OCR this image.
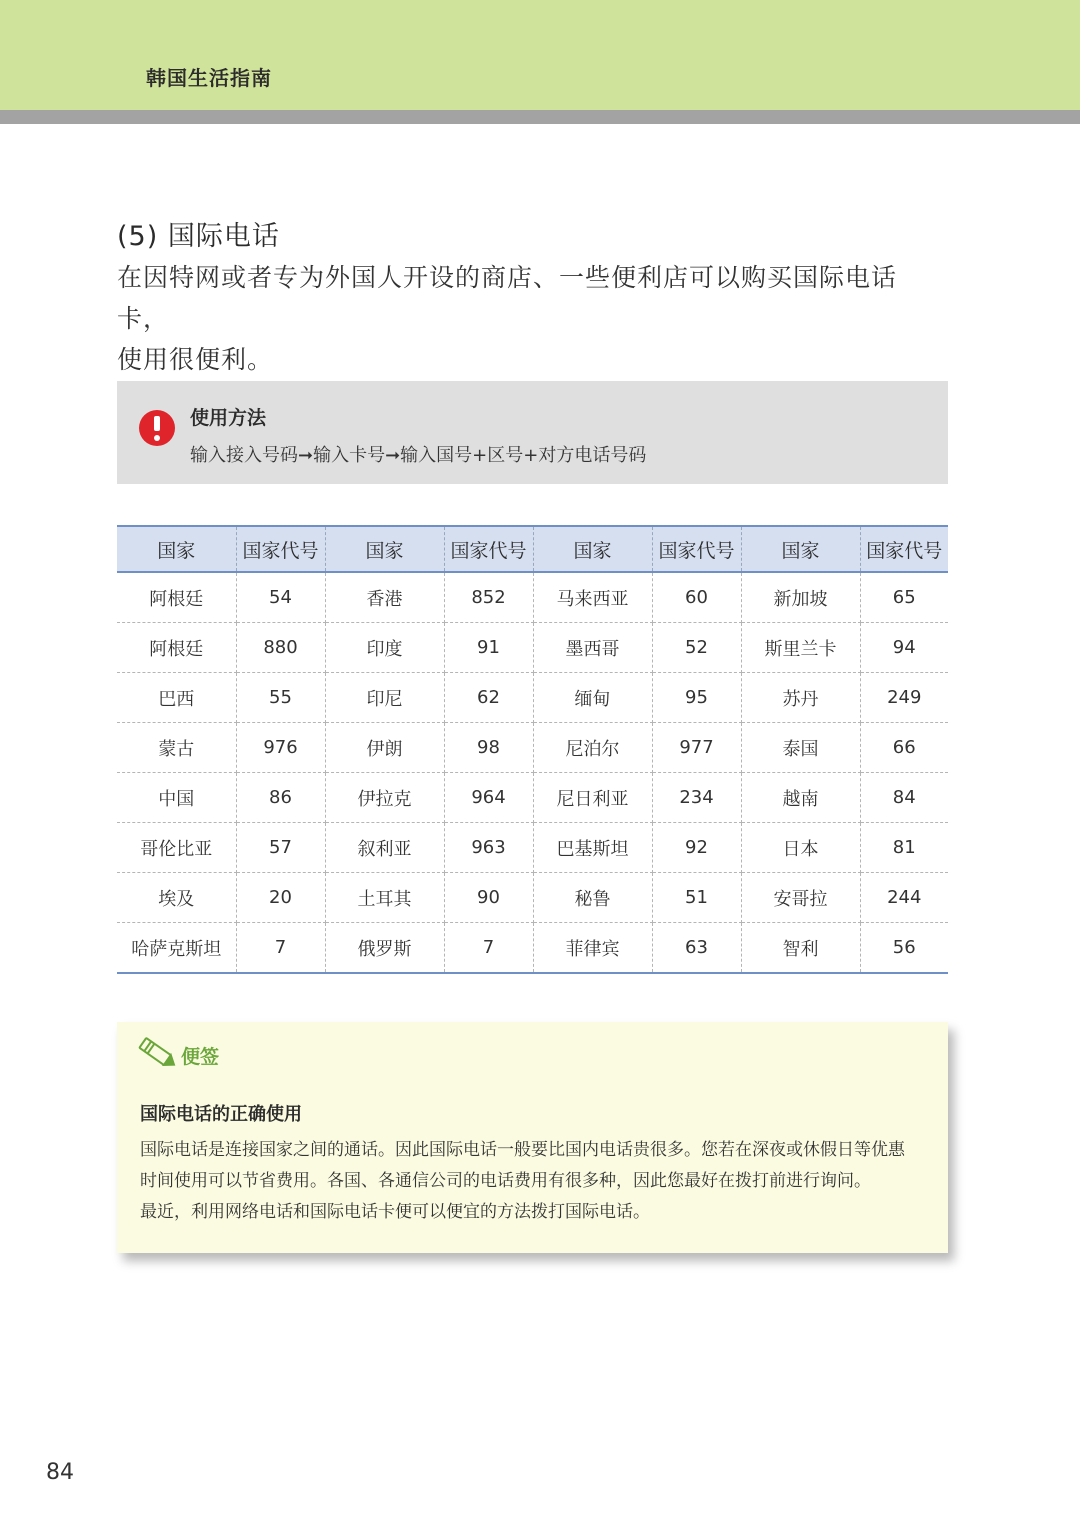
韩国生活指南
(5) 国际电话
在因特网或者专为外国人开设的商店、一些便利店可以购买国际电话卡，
使用很便利。
使用方法
输入接入号码➞输入卡号➞输入国号+区号+对方电话号码
国家	国家代号	国家	国家代号	国家	国家代号	国家	国家代号
阿根廷	54	香港	852	马来西亚	60	新加坡	65
阿根廷	880	印度	91	墨西哥	52	斯里兰卡	94
巴西	55	印尼	62	缅甸	95	苏丹	249
蒙古	976	伊朗	98	尼泊尔	977	泰国	66
中国	86	伊拉克	964	尼日利亚	234	越南	84
哥伦比亚	57	叙利亚	963	巴基斯坦	92	日本	81
埃及	20	土耳其	90	秘鲁	51	安哥拉	244
哈萨克斯坦	7	俄罗斯	7	菲律宾	63	智利	56
便签
国际电话的正确使用
国际电话是连接国家之间的通话。因此国际电话一般要比国内电话贵很多。您若在深夜或休假日等优惠
时间使用可以节省费用。各国、各通信公司的电话费用有很多种，因此您最好在拨打前进行询问。
最近，利用网络电话和国际电话卡便可以便宜的方法拨打国际电话。
84
